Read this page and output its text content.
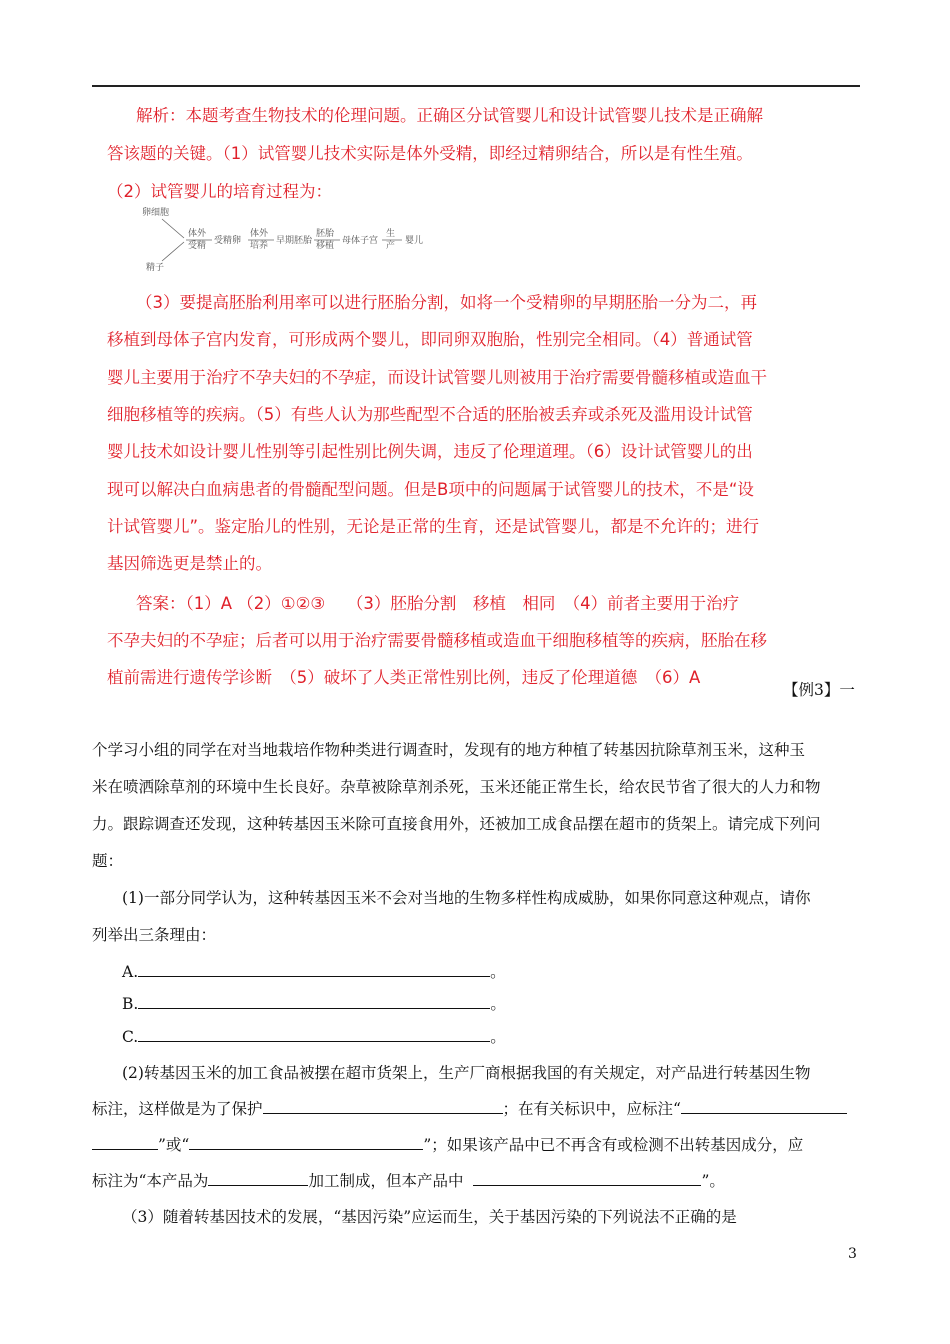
解析：本题考查生物技术的伦理问题。正确区分试管婴儿和设计试管婴儿技术是正确解
答该题的关键。（1）试管婴儿技术实际是体外受精，即经过精卵结合，所以是有性生殖。
（2）试管婴儿的培育过程为：
卵细胞
精子
体外
受精 受精卵
体外
培养 早期胚胎
胚胎
移植 母体子宫
生
产 婴儿
（3）要提高胚胎利用率可以进行胚胎分割，如将一个受精卵的早期胚胎一分为二，再
移植到母体子宫内发育，可形成两个婴儿，即同卵双胞胎，性别完全相同。（4）普通试管
婴儿主要用于治疗不孕夫妇的不孕症，而设计试管婴儿则被用于治疗需要骨髓移植或造血干
细胞移植等的疾病。（5）有些人认为那些配型不合适的胚胎被丢弃或杀死及滥用设计试管
婴儿技术如设计婴儿性别等引起性别比例失调，违反了伦理道理。（6）设计试管婴儿的出
现可以解决白血病患者的骨髓配型问题。但是B项中的问题属于试管婴儿的技术，不是“设
计试管婴儿”。鉴定胎儿的性别，无论是正常的生育，还是试管婴儿，都是不允许的；进行
基因筛选更是禁止的。
答案：（1）A （2）①②③　 （3）胚胎分割　移植　相同　（4）前者主要用于治疗
不孕夫妇的不孕症；后者可以用于治疗需要骨髓移植或造血干细胞移植等的疾病，胚胎在移
植前需进行遗传学诊断　（5）破坏了人类正常性别比例，违反了伦理道德　（6）A
【例3】一
个学习小组的同学在对当地栽培作物种类进行调查时，发现有的地方种植了转基因抗除草剂玉米，这种玉
米在喷洒除草剂的环境中生长良好。杂草被除草剂杀死，玉米还能正常生长，给农民节省了很大的人力和物
力。跟踪调查还发现，这种转基因玉米除可直接食用外，还被加工成食品摆在超市的货架上。请完成下列问
题：
(1)一部分同学认为，这种转基因玉米不会对当地的生物多样性构成威胁，如果你同意这种观点，请你
列举出三条理由：
A.	。
B.	。
C.	。
(2)转基因玉米的加工食品被摆在超市货架上，生产厂商根据我国的有关规定，对产品进行转基因生物
标注，这样做是为了保护	；在有关标识中，应标注“
”或“	”；如果该产品中已不再含有或检测不出转基因成分，应
标注为“本产品为	加工制成，但本产品中	”。
（3）随着转基因技术的发展，“基因污染”应运而生，关于基因污染的下列说法不正确的是
3
